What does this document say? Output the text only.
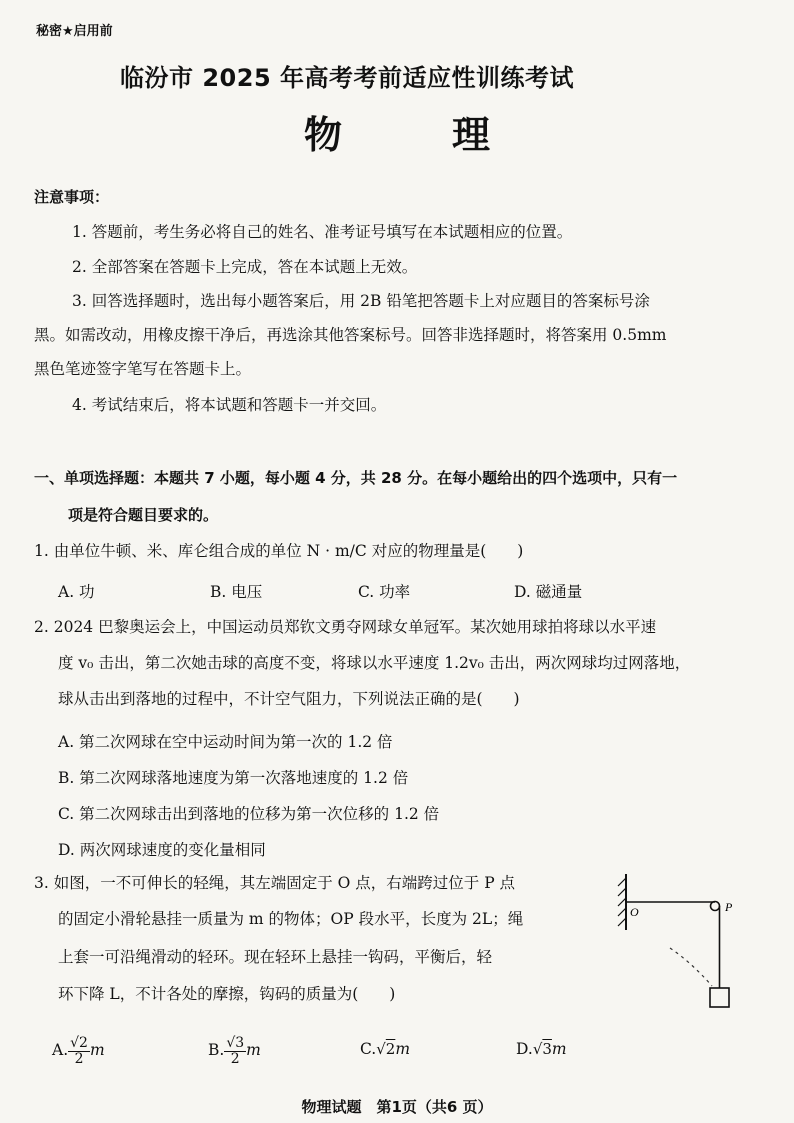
秘密★启用前
临汾市 2025 年高考考前适应性训练考试
物	理
注意事项：
1. 答题前，考生务必将自己的姓名、准考证号填写在本试题相应的位置。
2. 全部答案在答题卡上完成，答在本试题上无效。
3. 回答选择题时，选出每小题答案后，用 2B 铅笔把答题卡上对应题目的答案标号涂
黑。如需改动，用橡皮擦干净后，再选涂其他答案标号。回答非选择题时，将答案用 0.5mm
黑色笔迹签字笔写在答题卡上。
4. 考试结束后，将本试题和答题卡一并交回。
一、单项选择题：本题共 7 小题，每小题 4 分，共 28 分。在每小题给出的四个选项中，只有一
项是符合题目要求的。
1. 由单位牛顿、米、库仑组合成的单位 N · m/C 对应的物理量是(　　)
A. 功	B. 电压	C. 功率	D. 磁通量
2. 2024 巴黎奥运会上，中国运动员郑钦文勇夺网球女单冠军。某次她用球拍将球以水平速
度 v₀ 击出，第二次她击球的高度不变，将球以水平速度 1.2v₀ 击出，两次网球均过网落地，
球从击出到落地的过程中，不计空气阻力，下列说法正确的是(　　)
A. 第二次网球在空中运动时间为第一次的 1.2 倍
B. 第二次网球落地速度为第一次落地速度的 1.2 倍
C. 第二次网球击出到落地的位移为第一次位移的 1.2 倍
D. 两次网球速度的变化量相同
3. 如图，一不可伸长的轻绳，其左端固定于 O 点，右端跨过位于 P 点
的固定小滑轮悬挂一质量为 m 的物体；OP 段水平，长度为 2L；绳
上套一可沿绳滑动的轻环。现在轻环上悬挂一钩码，平衡后，轻
环下降 L，不计各处的摩擦，钩码的质量为(　　)
O	P
A. $\frac{√2}{2}$ m	B. $\frac{√3}{2}$ m	C.√2m	D.√3m
物理试题　第1页（共6 页）
